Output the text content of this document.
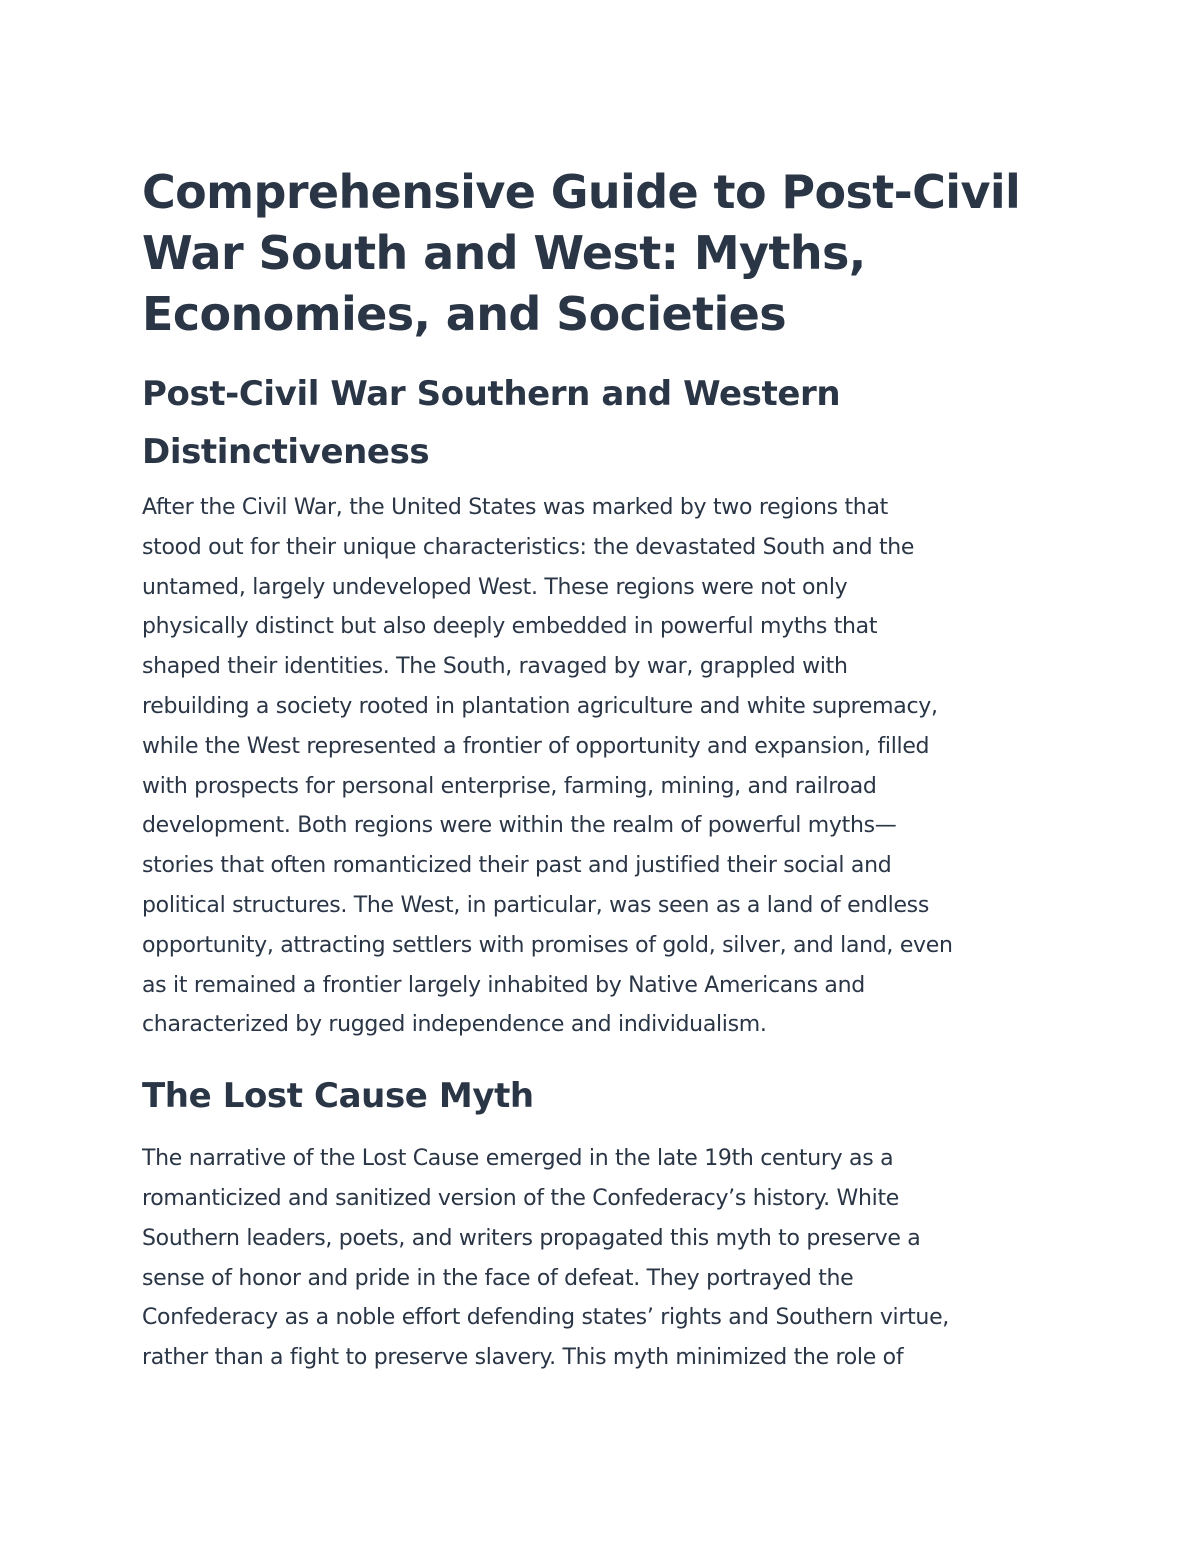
Comprehensive Guide to Post-Civil War South and West: Myths, Economies, and Societies
Post-Civil War Southern and Western Distinctiveness

After the Civil War, the United States was marked by two regions that
stood out for their unique characteristics: the devastated South and the
untamed, largely undeveloped West. These regions were not only
physically distinct but also deeply embedded in powerful myths that
shaped their identities. The South, ravaged by war, grappled with
rebuilding a society rooted in plantation agriculture and white supremacy,
while the West represented a frontier of opportunity and expansion, filled
with prospects for personal enterprise, farming, mining, and railroad
development. Both regions were within the realm of powerful myths—
stories that often romanticized their past and justified their social and
political structures. The West, in particular, was seen as a land of endless
opportunity, attracting settlers with promises of gold, silver, and land, even
as it remained a frontier largely inhabited by Native Americans and
characterized by rugged independence and individualism.

The Lost Cause Myth

The narrative of the Lost Cause emerged in the late 19th century as a
romanticized and sanitized version of the Confederacy’s history. White
Southern leaders, poets, and writers propagated this myth to preserve a
sense of honor and pride in the face of defeat. They portrayed the
Confederacy as a noble effort defending states’ rights and Southern virtue,
rather than a fight to preserve slavery. This myth minimized the role of
